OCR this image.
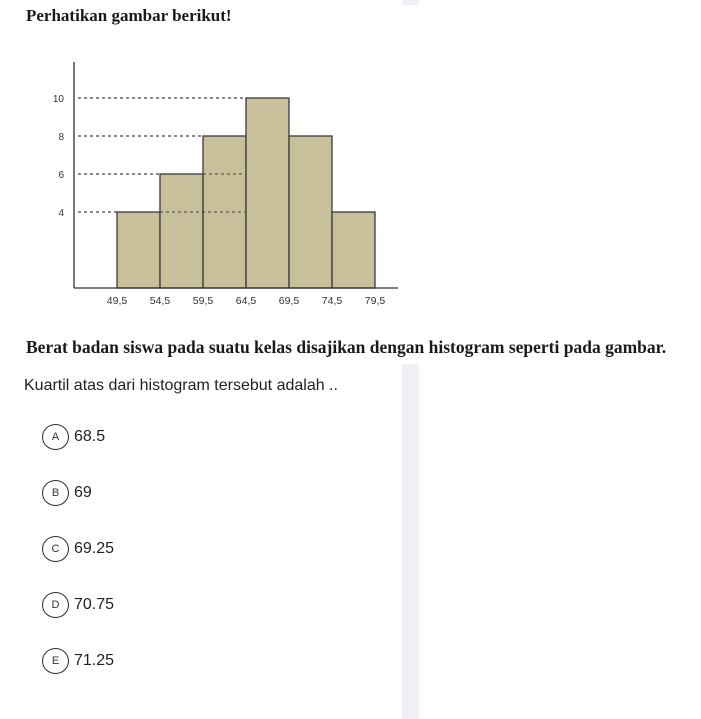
Perhatikan gambar berikut!
4
6
8
10
49,5 54,5 59,5 64,5 69,5 74,5 79,5

Berat badan siswa pada suatu kelas disajikan dengan histogram seperti pada gambar.

Kuartil atas dari histogram tersebut adalah ..

A 68.5
B 69
C 69.25
D 70.75
E 71.25
